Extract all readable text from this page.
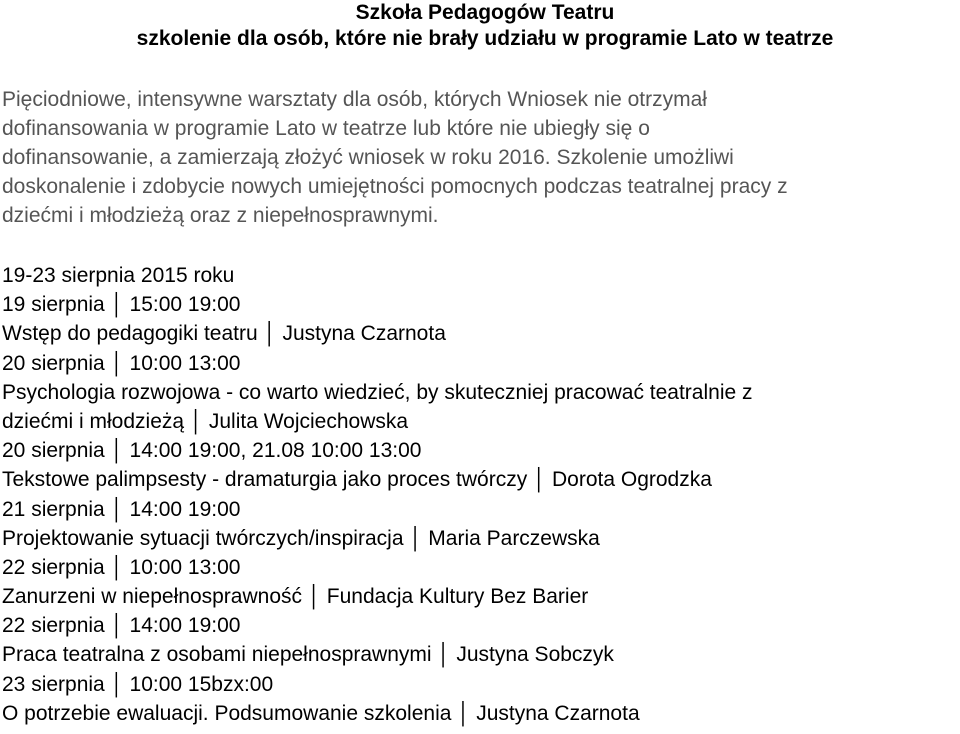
Szkoła Pedagogów Teatru
szkolenie dla osób, które nie brały udziału w programie Lato w teatrze
Pięciodniowe, intensywne warsztaty dla osób, których Wniosek nie otrzymał
dofinansowania w programie Lato w teatrze lub które nie ubiegły się o
dofinansowanie, a zamierzają złożyć wniosek w roku 2016. Szkolenie umożliwi
doskonalenie i zdobycie nowych umiejętności pomocnych podczas teatralnej pracy z
dziećmi i młodzieżą oraz z niepełnosprawnymi.
19-23 sierpnia 2015 roku
19 sierpnia │ 15:00 19:00
Wstęp do pedagogiki teatru │ Justyna Czarnota
20 sierpnia │ 10:00 13:00
Psychologia rozwojowa - co warto wiedzieć, by skuteczniej pracować teatralnie z
dziećmi i młodzieżą │ Julita Wojciechowska
20 sierpnia │ 14:00 19:00, 21.08 10:00 13:00
Tekstowe palimpsesty - dramaturgia jako proces twórczy │ Dorota Ogrodzka
21 sierpnia │ 14:00 19:00
Projektowanie sytuacji twórczych/inspiracja │ Maria Parczewska
22 sierpnia │ 10:00 13:00
Zanurzeni w niepełnosprawność │ Fundacja Kultury Bez Barier
22 sierpnia │ 14:00 19:00
Praca teatralna z osobami niepełnosprawnymi │ Justyna Sobczyk
23 sierpnia │ 10:00 15bzx:00
O potrzebie ewaluacji. Podsumowanie szkolenia │ Justyna Czarnota
